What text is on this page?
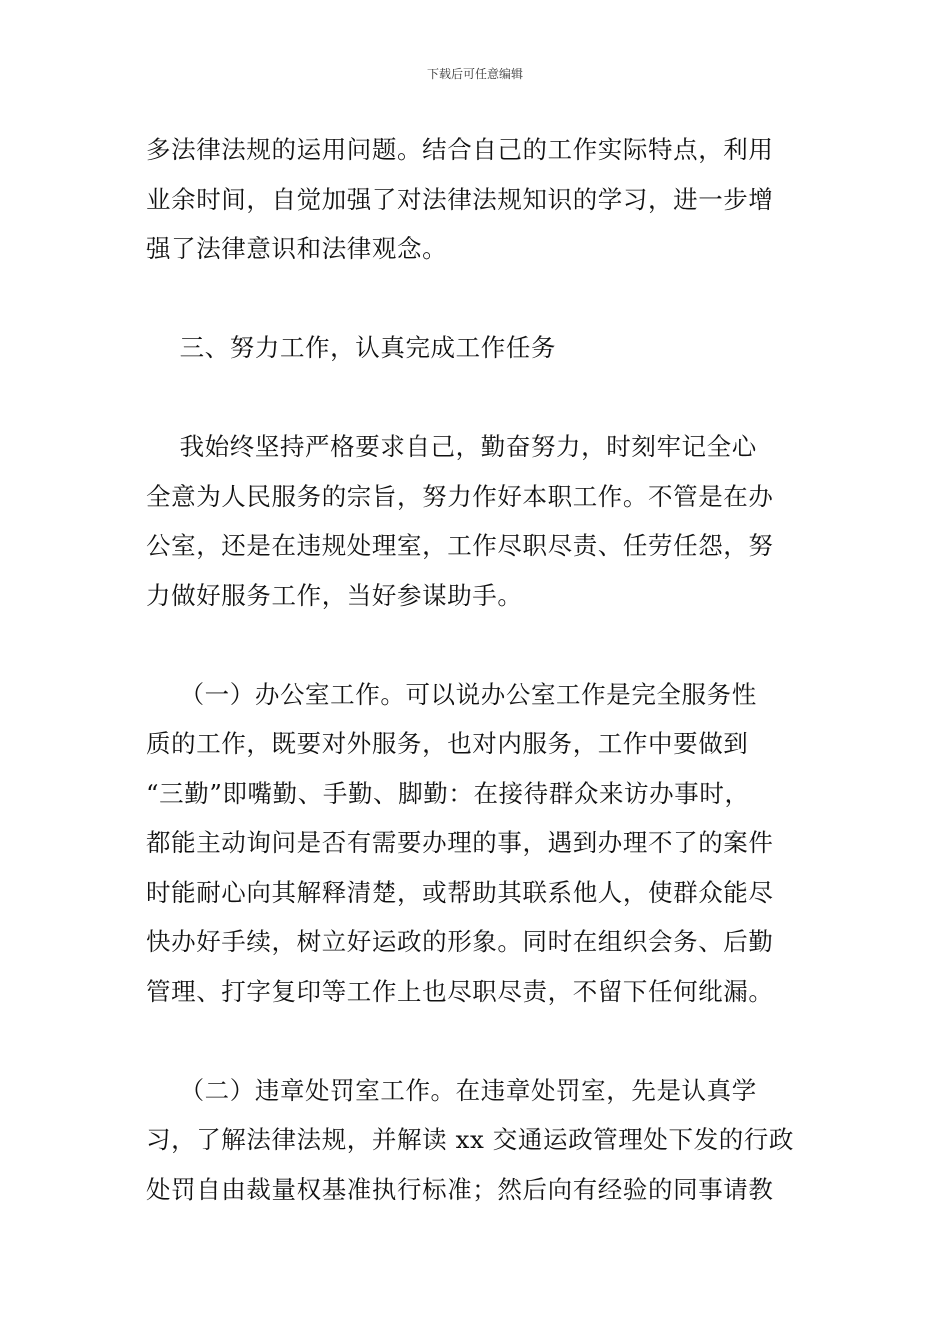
下载后可任意编辑
多法律法规的运用问题。结合自己的工作实际特点，利用
业余时间，自觉加强了对法律法规知识的学习，进一步增
强了法律意识和法律观念。
三、努力工作，认真完成工作任务
我始终坚持严格要求自己，勤奋努力，时刻牢记全心
全意为人民服务的宗旨，努力作好本职工作。不管是在办
公室，还是在违规处理室，工作尽职尽责、任劳任怨，努
力做好服务工作，当好参谋助手。
（一）办公室工作。可以说办公室工作是完全服务性
质的工作，既要对外服务，也对内服务，工作中要做到
“三勤”即嘴勤、手勤、脚勤：在接待群众来访办事时，
都能主动询问是否有需要办理的事，遇到办理不了的案件
时能耐心向其解释清楚，或帮助其联系他人，使群众能尽
快办好手续，树立好运政的形象。同时在组织会务、后勤
管理、打字复印等工作上也尽职尽责，不留下任何纰漏。
（二）违章处罚室工作。在违章处罚室，先是认真学
习，了解法律法规，并解读 xx 交通运政管理处下发的行政
处罚自由裁量权基准执行标准；然后向有经验的同事请教
